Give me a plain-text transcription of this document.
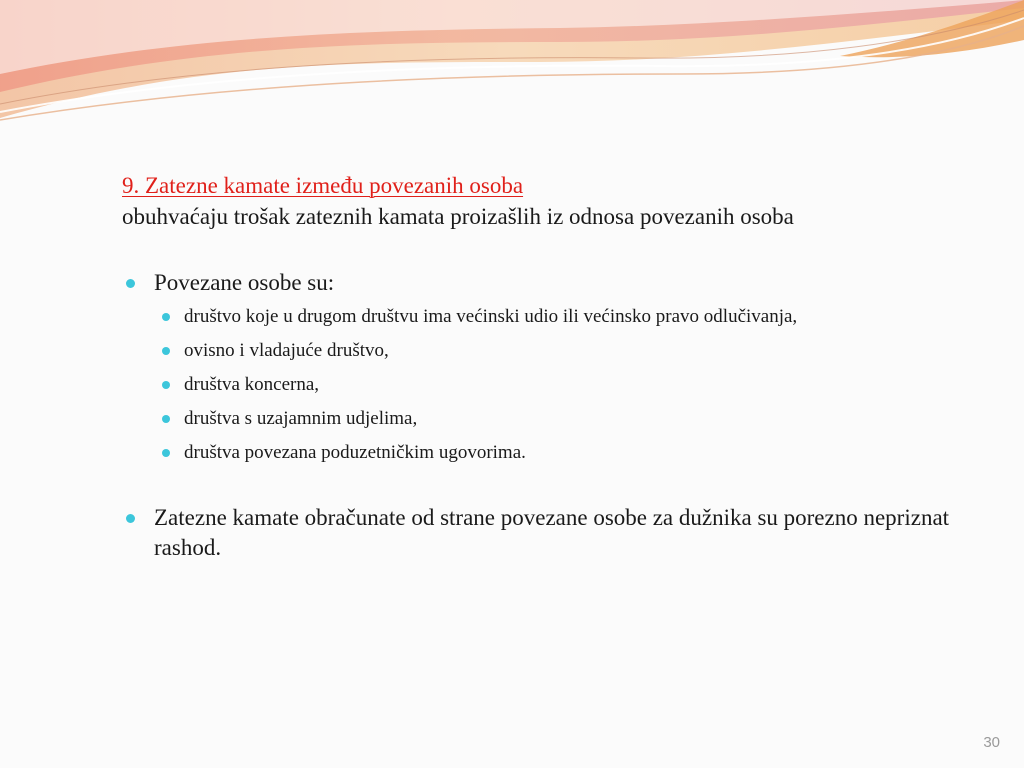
9. Zatezne kamate između povezanih osoba
obuhvaćaju trošak zateznih kamata proizašlih iz odnosa povezanih osoba
Povezane osobe su:
društvo koje u drugom društvu ima većinski udio ili većinsko pravo odlučivanja,
ovisno i vladajuće društvo,
društva koncerna,
društva s uzajamnim udjelima,
društva povezana poduzetničkim ugovorima.
Zatezne kamate obračunate od strane povezane osobe za dužnika su porezno nepriznat rashod.
30
